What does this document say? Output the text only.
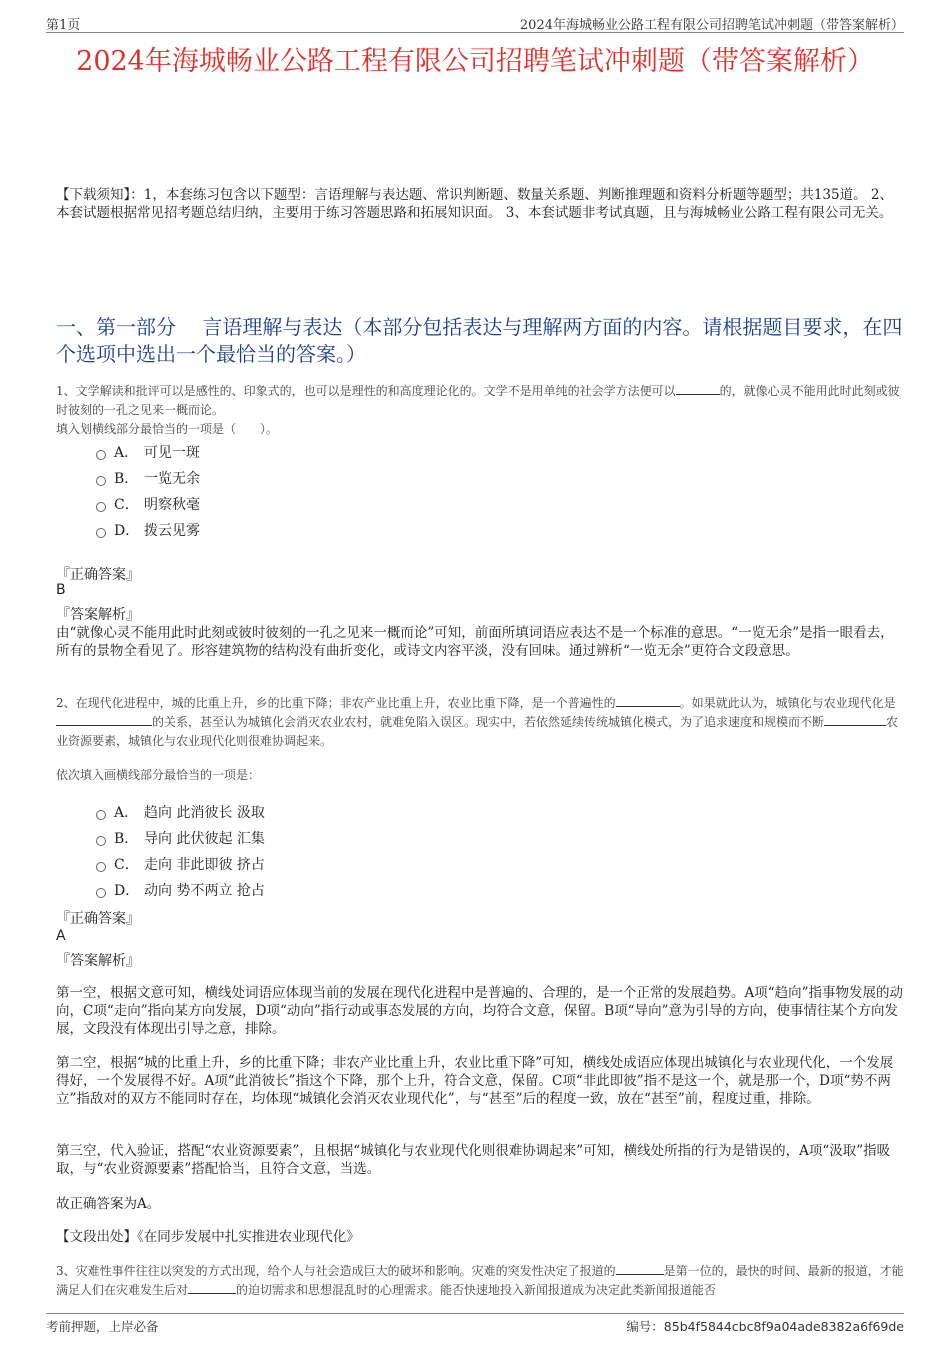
第1页	2024年海城畅业公路工程有限公司招聘笔试冲刺题（带答案解析）
2024年海城畅业公路工程有限公司招聘笔试冲刺题（带答案解析）
【下载须知】：1，本套练习包含以下题型：言语理解与表达题、常识判断题、数量关系题、判断推理题和资料分析题等题型；共135道。 2、本套试题根据常见招考题总结归纳，主要用于练习答题思路和拓展知识面。 3、本套试题非考试真题，且与海城畅业公路工程有限公司无关。
一、第一部分　 言语理解与表达（本部分包括表达与理解两方面的内容。请根据题目要求，在四个选项中选出一个最恰当的答案。）
1、文学解读和批评可以是感性的、印象式的，也可以是理性的和高度理论化的。文学不是用单纯的社会学方法便可以	的，就像心灵不能用此时此刻或彼时彼刻的一孔之见来一概而论。
填入划横线部分最恰当的一项是（　　）。
A． 可见一斑
B． 一览无余
C． 明察秋毫
D． 拨云见雾
『正确答案』
B
『答案解析』
由“就像心灵不能用此时此刻或彼时彼刻的一孔之见来一概而论”可知，前面所填词语应表达不是一个标准的意思。“一览无余”是指一眼看去，所有的景物全看见了。形容建筑物的结构没有曲折变化，或诗文内容平淡，没有回味。通过辨析“一览无余”更符合文段意思。
2、在现代化进程中，城的比重上升，乡的比重下降；非农产业比重上升，农业比重下降，是一个普遍性的	。如果就此认为，城镇化与农业现代化是的关系，甚至认为城镇化会消灭农业农村，就难免陷入误区。现实中，若依然延续传统城镇化模式，为了追求速度和规模而不断	农业资源要素，城镇化与农业现代化则很难协调起来。
依次填入画横线部分最恰当的一项是：
A． 趋向 此消彼长 汲取
B． 导向 此伏彼起 汇集
C． 走向 非此即彼 挤占
D． 动向 势不两立 抢占
『正确答案』
A
『答案解析』
第一空，根据文意可知，横线处词语应体现当前的发展在现代化进程中是普遍的、合理的，是一个正常的发展趋势。A项“趋向”指事物发展的动向，C项“走向”指向某方向发展，D项“动向”指行动或事态发展的方向，均符合文意，保留。B项“导向”意为引导的方向，使事情往某个方向发展，文段没有体现出引导之意，排除。
第二空，根据“城的比重上升，乡的比重下降；非农产业比重上升，农业比重下降”可知，横线处成语应体现出城镇化与农业现代化，一个发展得好，一个发展得不好。A项“此消彼长”指这个下降，那个上升，符合文意，保留。C项“非此即彼”指不是这一个，就是那一个，D项“势不两立”指敌对的双方不能同时存在，均体现“城镇化会消灭农业现代化”，与“甚至”后的程度一致，放在“甚至”前，程度过重，排除。
第三空，代入验证，搭配“农业资源要素”，且根据“城镇化与农业现代化则很难协调起来”可知，横线处所指的行为是错误的，A项“汲取”指吸取，与“农业资源要素”搭配恰当，且符合文意，当选。
故正确答案为A。
【文段出处】《在同步发展中扎实推进农业现代化》
3、灾难性事件往往以突发的方式出现，给个人与社会造成巨大的破坏和影响。灾难的突发性决定了报道的	是第一位的，最快的时间、最新的报道，才能满足人们在灾难发生后对	的迫切需求和思想混乱时的心理需求。能否快速地投入新闻报道成为决定此类新闻报道能否
考前押题，上岸必备	编号：85b4f5844cbc8f9a04ade8382a6f69de
